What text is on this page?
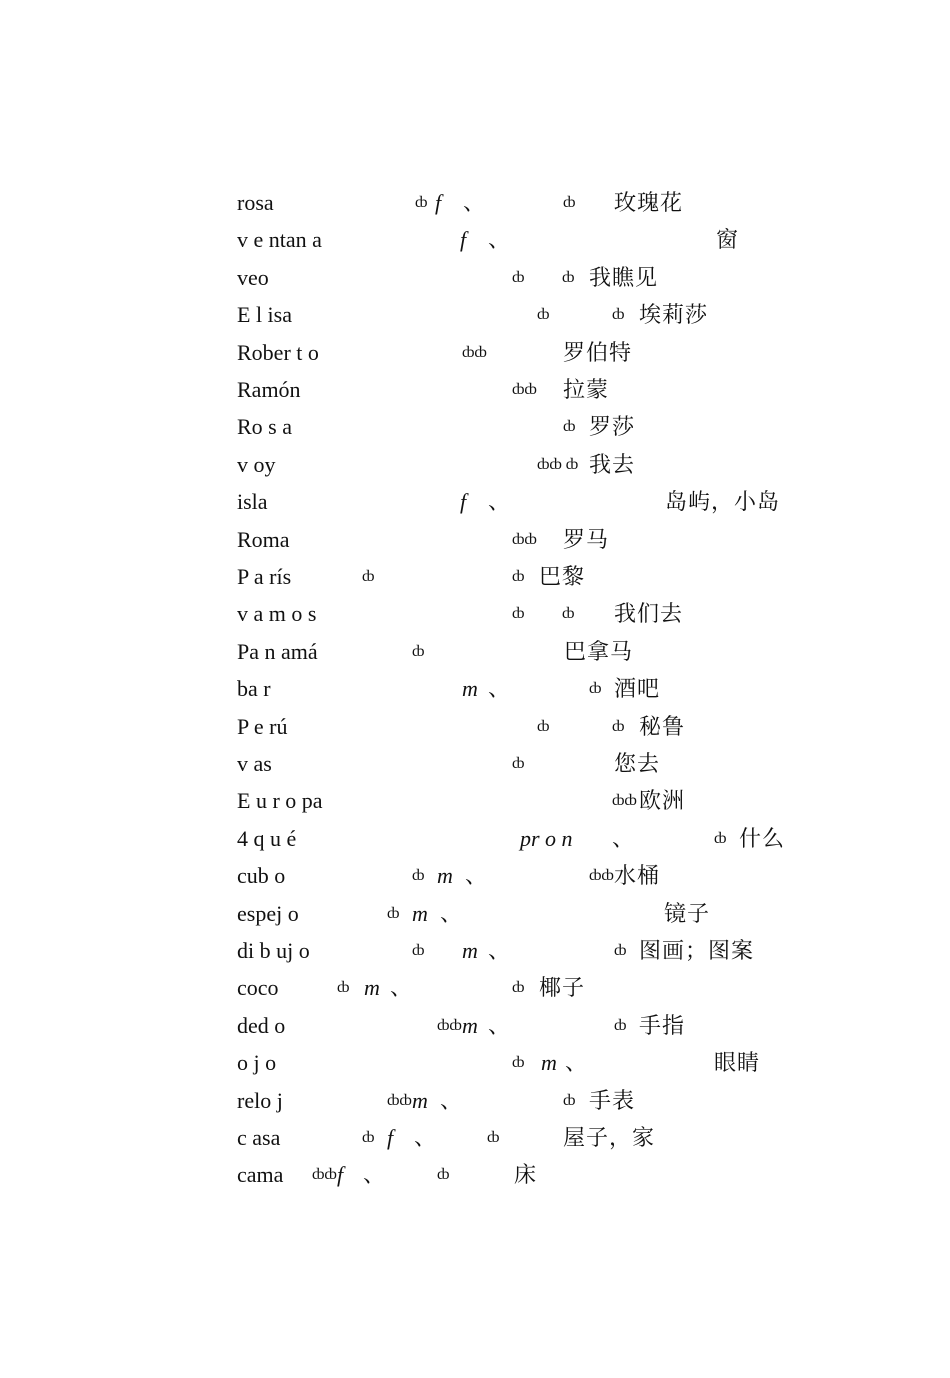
rosa	ȸ f 、	ȸ 玫瑰花
v e ntan a	f 、	窗
veo	ȸ ȸ 我瞧见
E l isa	ȸ	ȸ 埃莉莎
Rober t o	ȸȸ	罗伯特
Ramón	ȸȸ 拉蒙
Ro s a	ȸ 罗莎
v oy	ȸȸ ȸ 我去
isla	f 、	岛屿，小岛
Roma	ȸȸ 罗马
P a rís	ȸ	ȸ 巴黎
v a m o s	ȸ ȸ 我们去
Pa n amá	ȸ	巴拿马
ba r	m 、	ȸ 酒吧
P e rú	ȸ	ȸ 秘鲁
v as	ȸ	您去
E u r o pa	ȸȸ 欧洲
4 q u é	pr o n 、	ȸ 什么
cub o	ȸ m 、	ȸȸ 水桶
espej o	ȸ m 、	镜子
di b uj o	ȸ m 、	ȸ 图画；图案
coco	ȸ m 、	ȸ 椰子
ded o	ȸȸ m 、	ȸ 手指
o j o	ȸ m 、	眼睛
relo j	ȸȸ m 、	ȸ 手表
c asa	ȸ f 、	ȸ	屋子，家
cama ȸȸ f 、	ȸ	床
